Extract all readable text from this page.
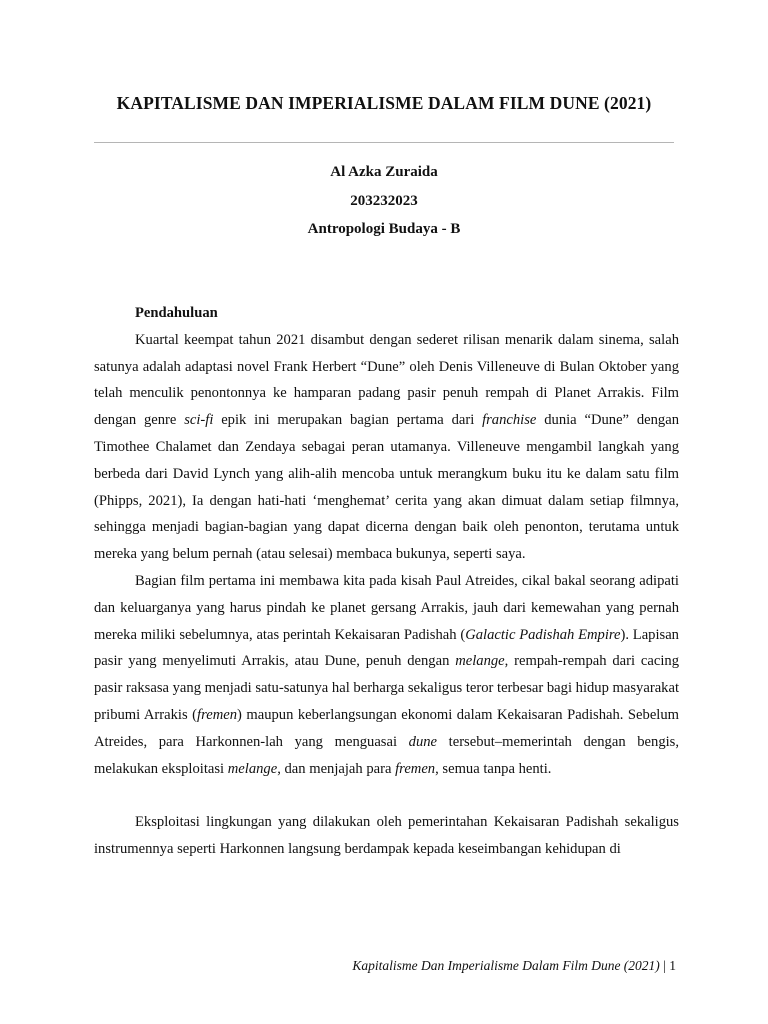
KAPITALISME DAN IMPERIALISME DALAM FILM DUNE (2021)
Al Azka Zuraida
203232023
Antropologi Budaya - B
Pendahuluan

Kuartal keempat tahun 2021 disambut dengan sederet rilisan menarik dalam sinema, salah satunya adalah adaptasi novel Frank Herbert “Dune” oleh Denis Villeneuve di Bulan Oktober yang telah menculik penontonnya ke hamparan padang pasir penuh rempah di Planet Arrakis. Film dengan genre sci-fi epik ini merupakan bagian pertama dari franchise dunia “Dune” dengan Timothee Chalamet dan Zendaya sebagai peran utamanya. Villeneuve mengambil langkah yang berbeda dari David Lynch yang alih-alih mencoba untuk merangkum buku itu ke dalam satu film (Phipps, 2021), Ia dengan hati-hati ‘menghemat’ cerita yang akan dimuat dalam setiap filmnya, sehingga menjadi bagian-bagian yang dapat dicerna dengan baik oleh penonton, terutama untuk mereka yang belum pernah (atau selesai) membaca bukunya, seperti saya.

Bagian film pertama ini membawa kita pada kisah Paul Atreides, cikal bakal seorang adipati dan keluarganya yang harus pindah ke planet gersang Arrakis, jauh dari kemewahan yang pernah mereka miliki sebelumnya, atas perintah Kekaisaran Padishah (Galactic Padishah Empire). Lapisan pasir yang menyelimuti Arrakis, atau Dune, penuh dengan melange, rempah-rempah dari cacing pasir raksasa yang menjadi satu-satunya hal berharga sekaligus teror terbesar bagi hidup masyarakat pribumi Arrakis (fremen) maupun keberlangsungan ekonomi dalam Kekaisaran Padishah. Sebelum Atreides, para Harkonnen-lah yang menguasai dune tersebut–memerintah dengan bengis, melakukan eksploitasi melange, dan menjajah para fremen, semua tanpa henti.

Eksploitasi lingkungan yang dilakukan oleh pemerintahan Kekaisaran Padishah sekaligus instrumennya seperti Harkonnen langsung berdampak kepada keseimbangan kehidupan di

Kapitalisme Dan Imperialisme Dalam Film Dune (2021) | 1
